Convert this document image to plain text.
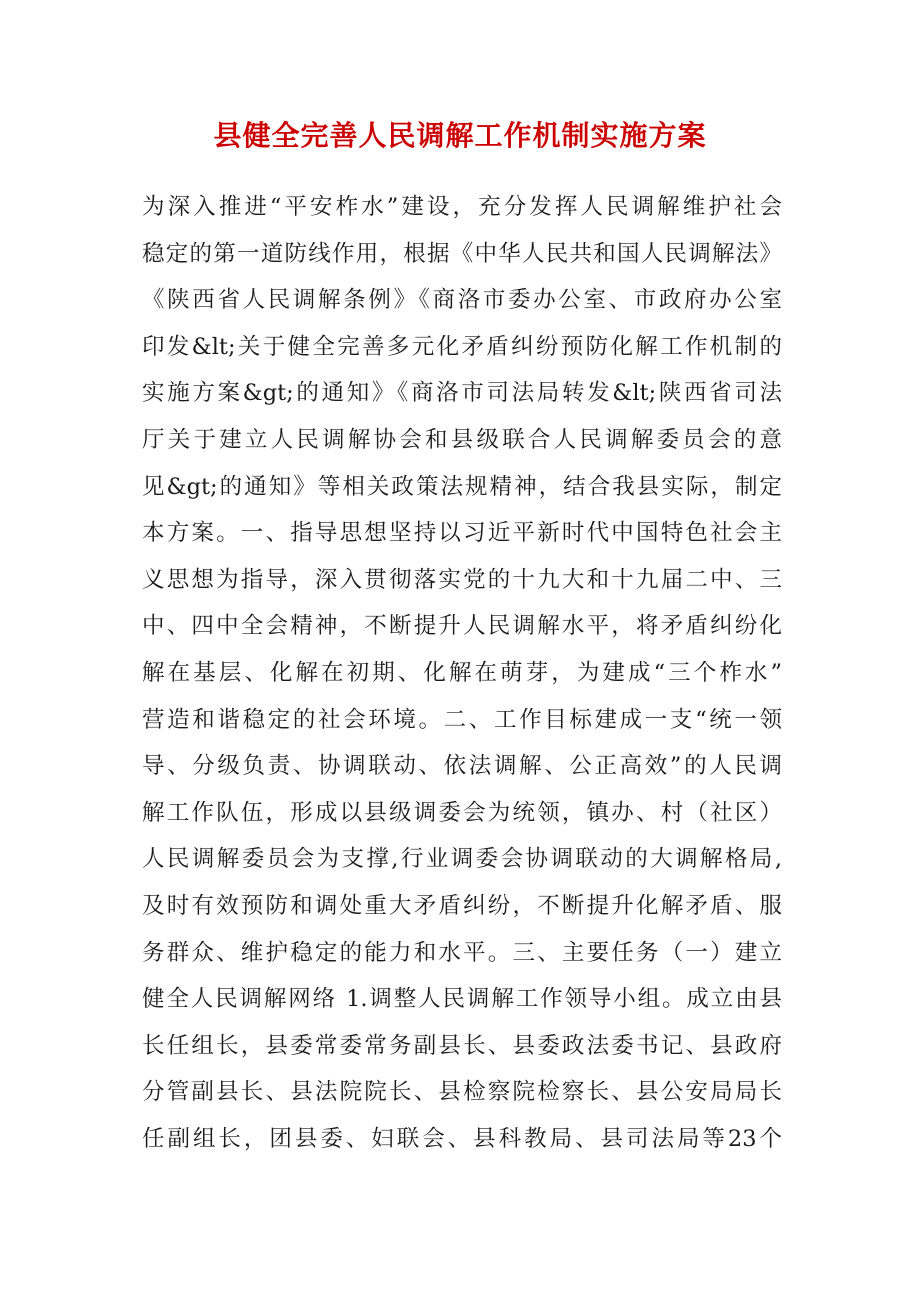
县健全完善人民调解工作机制实施方案
为深入推进“平安柞水”建设，充分发挥人民调解维护社会
稳定的第一道防线作用，根据《中华人民共和国人民调解法》
《陕西省人民调解条例》《商洛市委办公室、市政府办公室
印发&lt;关于健全完善多元化矛盾纠纷预防化解工作机制的
实施方案&gt;的通知》《商洛市司法局转发&lt;陕西省司法
厅关于建立人民调解协会和县级联合人民调解委员会的意
见&gt;的通知》等相关政策法规精神，结合我县实际，制定
本方案。一、指导思想坚持以习近平新时代中国特色社会主
义思想为指导，深入贯彻落实党的十九大和十九届二中、三
中、四中全会精神，不断提升人民调解水平，将矛盾纠纷化
解在基层、化解在初期、化解在萌芽，为建成“三个柞水”
营造和谐稳定的社会环境。二、工作目标建成一支“统一领
导、分级负责、协调联动、依法调解、公正高效”的人民调
解工作队伍，形成以县级调委会为统领，镇办、村（社区）
人民调解委员会为支撑,行业调委会协调联动的大调解格局,
及时有效预防和调处重大矛盾纠纷，不断提升化解矛盾、服
务群众、维护稳定的能力和水平。三、主要任务（一）建立
健全人民调解网络 1.调整人民调解工作领导小组。成立由县
长任组长，县委常委常务副县长、县委政法委书记、县政府
分管副县长、县法院院长、县检察院检察长、县公安局局长
任副组长，团县委、妇联会、县科教局、县司法局等23个
